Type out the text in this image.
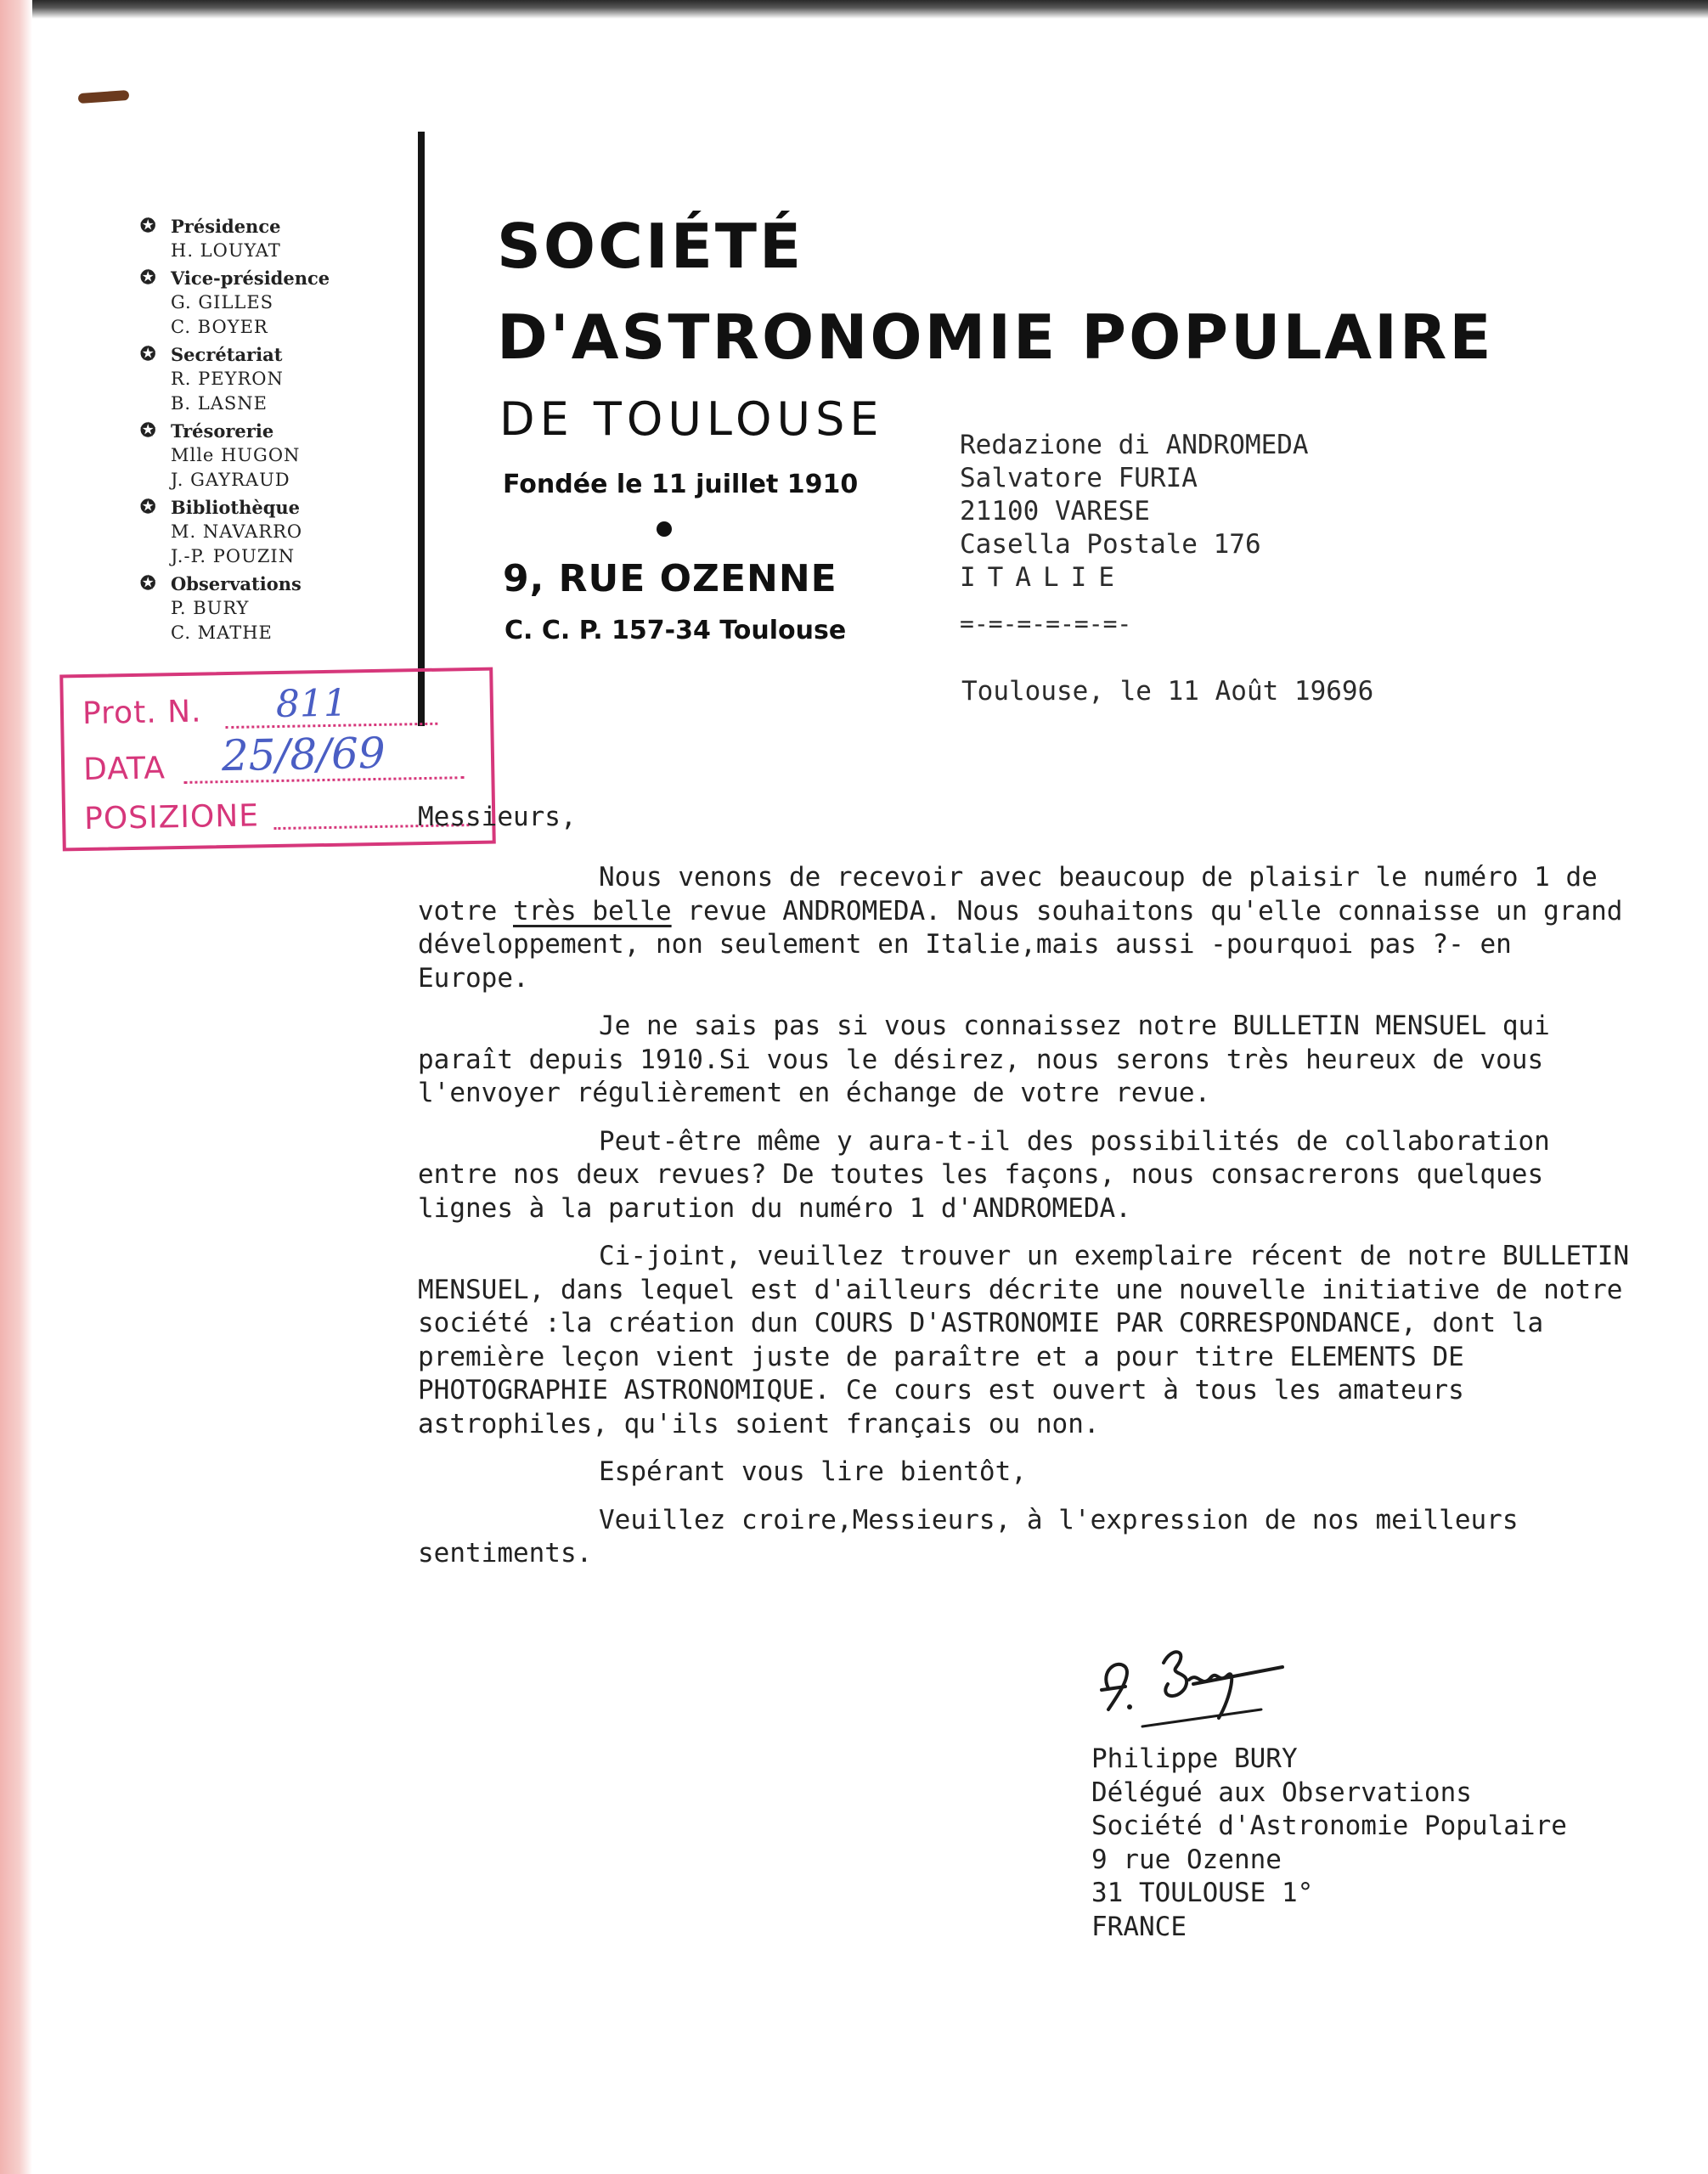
✪ Présidence
H. LOUYAT
✪ Vice-présidence
G. GILLES
C. BOYER
✪ Secrétariat
R. PEYRON
B. LASNE
✪ Trésorerie
Mlle HUGON
J. GAYRAUD
✪ Bibliothèque
M. NAVARRO
J.-P. POUZIN
✪ Observations
P. BURY
C. MATHE
SOCIÉTÉ
D'ASTRONOMIE POPULAIRE
DE TOULOUSE
Fondée le 11 juillet 1910
9, RUE OZENNE
C. C. P. 157-34 Toulouse
Redazione di ANDROMEDA
Salvatore FURIA
21100 VARESE
Casella Postale 176
ITALIE
=-=-=-=-=-=-
Toulouse, le 11 Août 19696
Prot. N. 811
DATA 25/8/69
POSIZIONE	Messieurs,

Nous venons de recevoir avec beaucoup de plaisir le numéro 1 de votre très belle revue ANDROMEDA. Nous souhaitons qu'elle connaisse un grand développement, non seulement en Italie,mais aussi -pourquoi pas ?- en Europe.

Je ne sais pas si vous connaissez notre BULLETIN MENSUEL qui paraît depuis 1910.Si vous le désirez, nous serons très heureux de vous l'envoyer régulièrement en échange de votre revue.

Peut-être même y aura-t-il des possibilités de collaboration entre nos deux revues? De toutes les façons, nous consacrerons quelques lignes à la parution du numéro 1 d'ANDROMEDA.

Ci-joint, veuillez trouver un exemplaire récent de notre BULLETIN MENSUEL, dans lequel est d'ailleurs décrite une nouvelle initiative de notre société :la création dun COURS D'ASTRONOMIE PAR CORRESPONDANCE, dont la première leçon vient juste de paraître et a pour titre ELEMENTS DE PHOTOGRAPHIE ASTRONOMIQUE. Ce cours est ouvert à tous les amateurs astrophiles, qu'ils soient français ou non.

Espérant vous lire bientôt,

Veuillez croire,Messieurs, à l'expression de nos meilleurs sentiments.

Philippe BURY
Délégué aux Observations
Société d'Astronomie Populaire
9 rue Ozenne
31 TOULOUSE 1°
FRANCE
